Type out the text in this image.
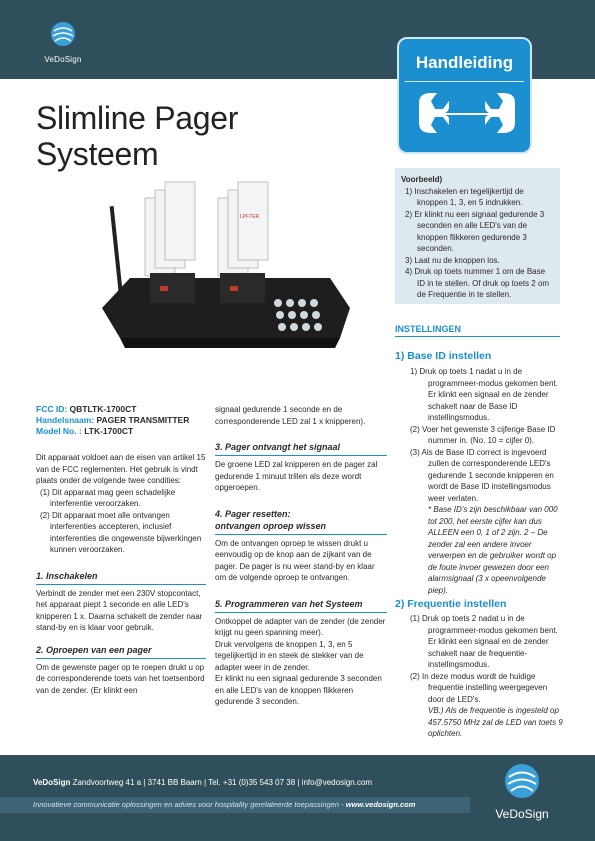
VeDoSign	Handleiding
Slimline Pager
Systeem
LPFTER
Voorbeeld)
1) Inschakelen en tegelijkertijd de knoppen 1, 3, en 5 indrukken.
2) Er klinkt nu een signaal gedurende 3 seconden en alle LED's van de knoppen flikkeren gedurende 3 seconden.
3) Laat nu de knoppen los.
4) Druk op toets nummer 1 om de Base ID in te stellen. Of druk op toets 2 om de Frequentie in te stellen.
INSTELLINGEN
1) Base ID instellen
1) Druk op toets 1 nadat u in de programmeer-modus gekomen bent. Er klinkt een signaal en de zender schakelt naar de Base ID instellingsmodus.
(2) Voer het gewenste 3 cijferige Base ID nummer in. (No. 10 = cijfer 0).
(3) Als de Base ID correct is ingevoerd zullen de corresponderende LED's gedurende 1 seconde knipperen en wordt de Base ID instellingsmodus weer verlaten.
* Base ID's zijn beschikbaar van 000 tot 200, het eerste cijfer kan dus ALLEEN een 0, 1 of 2 zijn. 2 – De zender zal een andere invoer verwerpen en de gebruiker wordt op de foute invoer gewezen door een alarmsignaal (3 x opeenvolgende piep).
2) Frequentie instellen
(1) Druk op toets 2 nadat u in de programmeer-modus gekomen bent. Er klinkt een signaal en de zender schakelt naar de frequentie-instellingsmodus.
(2) In deze modus wordt de huidige frequentie instelling weergegeven door de LED's.
VB.) Als de frequentie is ingesteld op 457.5750 MHz zal de LED van toets 9 oplichten.
FCC ID: QBTLTK-1700CT
Handelsnaam: PAGER TRANSMITTER
Model No. : LTK-1700CT
Dit apparaat voldoet aan de eisen van artikel 15 van de FCC reglementen. Het gebruik is vindt plaats onder de volgende twee condities:
(1) Dit apparaat mag geen schadelijke interferentie veroorzaken.
(2) Dit apparaat moet alle ontvangen interferenties accepteren, inclusief interferenties die ongewenste bijwerkingen kunnen veroorzaken.
1. Inschakelen
Verbindt de zender met een 230V stopcontact, het apparaat piept 1 seconde en alle LED's knipperen 1 x. Daarna schakelt de zender naar stand-by en is klaar voor gebruik.
2. Oproepen van een pager
Om de gewenste pager op te roepen drukt u op de corresponderende toets van het toetsenbord van de zender. (Er klinkt een
signaal gedurende 1 seconde en de corresponderende LED zal 1 x knipperen).
3. Pager ontvangt het signaal
De groene LED zal knipperen en de pager zal gedurende 1 minuut trillen als deze wordt opgeroepen.
4. Pager resetten:
ontvangen oproep wissen
Om de ontvangen oproep te wissen drukt u eenvoudig op de knop aan de zijkant van de pager. De pager is nu weer stand-by en klaar om de volgende oproep te ontvangen.
5. Programmeren van het Systeem
Ontkoppel de adapter van de zender (de zender krijgt nu geen spanning meer).
Druk vervolgens de knoppen 1, 3, en 5 tegelijkertijd in en steek de stekker van de adapter weer in de zender.
Er klinkt nu een signaal gedurende 3 seconden en alle LED's van de knoppen flikkeren gedurende 3 seconden.
VeDoSign Zandvoortweg 41 a | 3741 BB Baarn | Tel. +31 (0)35 543 07 38 | info@vedosign.com
Innovatieve communicatie oplossingen en advies voor hospitality gerelateerde toepassingen - www.vedosign.com
VeDoSign
